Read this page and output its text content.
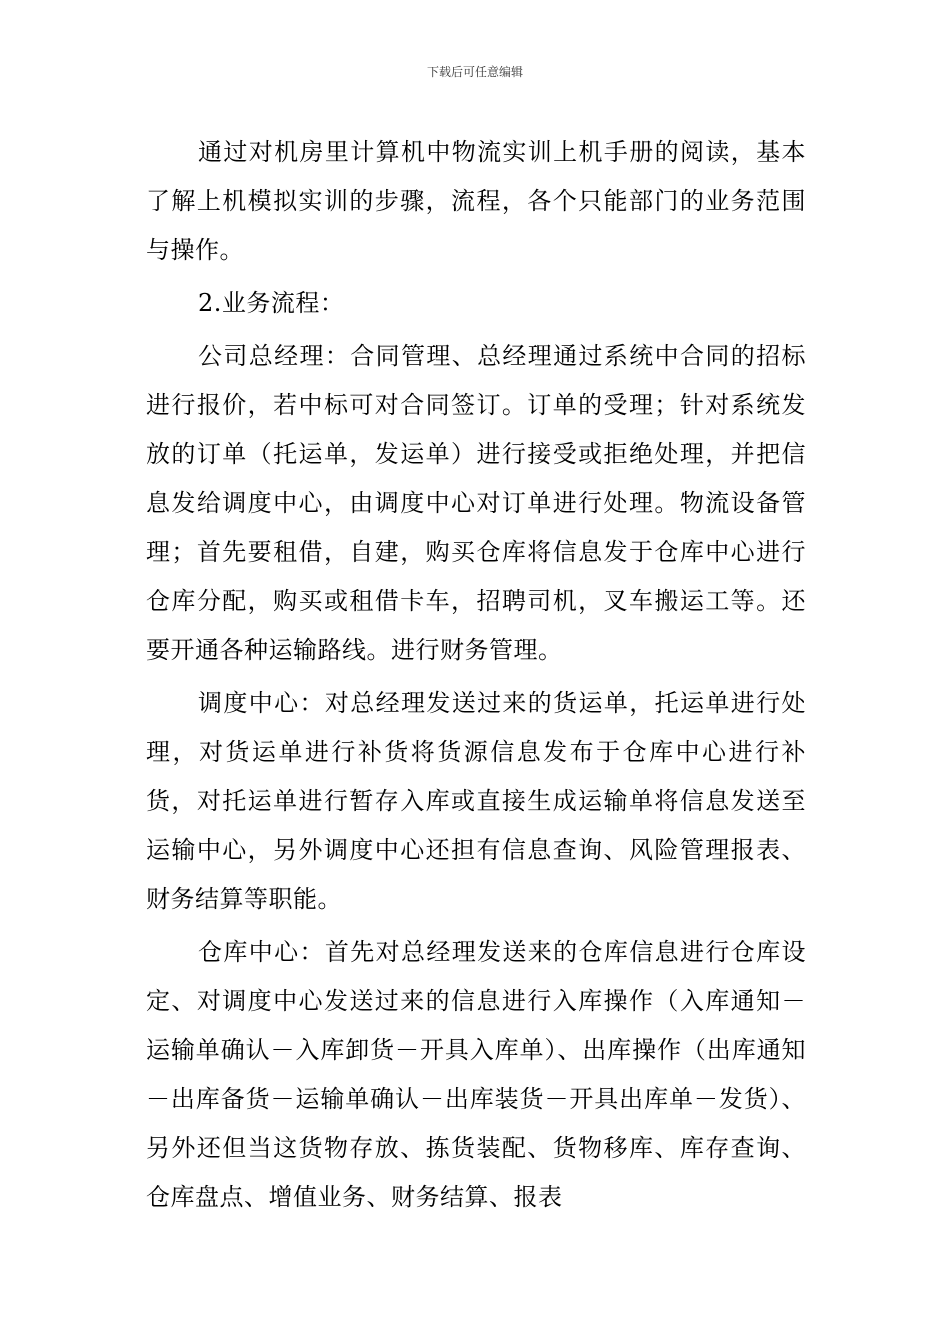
下载后可任意编辑

通过对机房里计算机中物流实训上机手册的阅读，基本了解上机模拟实训的步骤，流程，各个只能部门的业务范围与操作。

2.业务流程：

公司总经理：合同管理、总经理通过系统中合同的招标进行报价，若中标可对合同签订。订单的受理；针对系统发放的订单（托运单，发运单）进行接受或拒绝处理，并把信息发给调度中心，由调度中心对订单进行处理。物流设备管理；首先要租借，自建，购买仓库将信息发于仓库中心进行仓库分配，购买或租借卡车，招聘司机，叉车搬运工等。还要开通各种运输路线。进行财务管理。

调度中心：对总经理发送过来的货运单，托运单进行处理，对货运单进行补货将货源信息发布于仓库中心进行补货，对托运单进行暂存入库或直接生成运输单将信息发送至运输中心，另外调度中心还担有信息查询、风险管理报表、财务结算等职能。

仓库中心：首先对总经理发送来的仓库信息进行仓库设定、对调度中心发送过来的信息进行入库操作（入库通知－运输单确认－入库卸货－开具入库单）、出库操作（出库通知－出库备货－运输单确认－出库装货－开具出库单－发货）、另外还但当这货物存放、拣货装配、货物移库、库存查询、仓库盘点、增值业务、财务结算、报表
